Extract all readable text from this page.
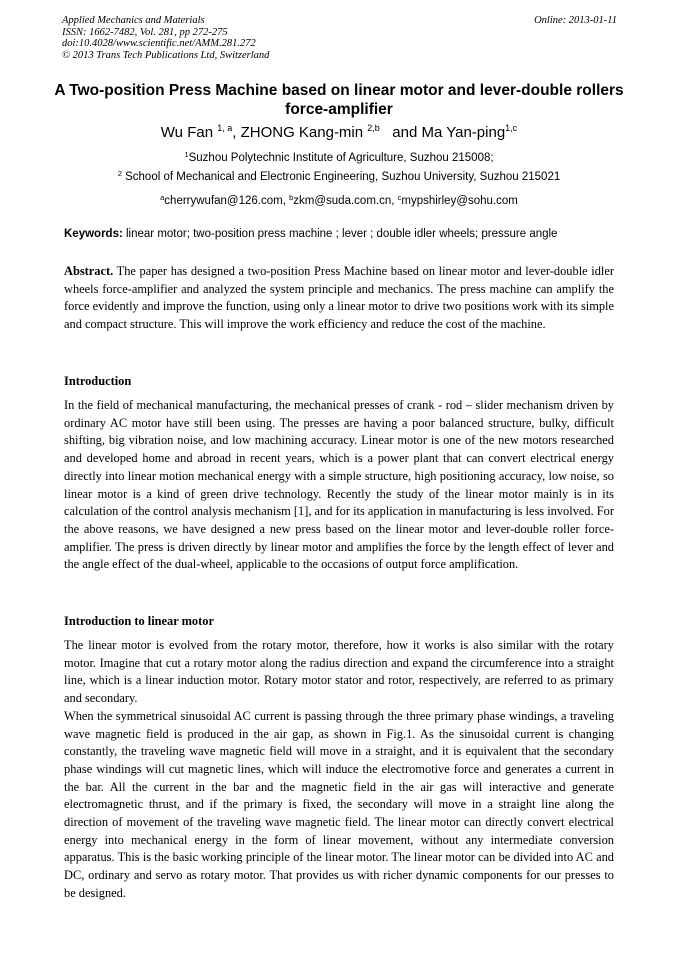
Applied Mechanics and Materials
ISSN: 1662-7482, Vol. 281, pp 272-275
doi:10.4028/www.scientific.net/AMM.281.272
© 2013 Trans Tech Publications Ltd, Switzerland
Online: 2013-01-11
A Two-position Press Machine based on linear motor and lever-double rollers force-amplifier
Wu Fan $^{1, a}$, ZHONG Kang-min $^{2,b}$   and Ma Yan-ping$^{1,c}$
$^1$Suzhou Polytechnic Institute of Agriculture, Suzhou 215008;
$^2$ School of Mechanical and Electronic Engineering, Suzhou University, Suzhou 215021
$^a$cherrywufan@126.com, $^b$zkm@suda.com.cn, $^c$mypshirley@sohu.com
Keywords: linear motor; two-position press machine ; lever ; double idler wheels; pressure angle

Abstract. The paper has designed a two-position Press Machine based on linear motor and lever-double idler wheels force-amplifier and analyzed the system principle and mechanics. The press machine can amplify the force evidently and improve the function, using only a linear motor to drive two positions work with its simple and compact structure. This will improve the work efficiency and reduce the cost of the machine.

Introduction

In the field of mechanical manufacturing, the mechanical presses of crank - rod – slider mechanism driven by ordinary AC motor have still been using. The presses are having a poor balanced structure, bulky, difficult shifting, big vibration noise, and low machining accuracy. Linear motor is one of the new motors researched and developed home and abroad in recent years, which is a power plant that can convert electrical energy directly into linear motion mechanical energy with a simple structure, high positioning accuracy, low noise, so linear motor is a kind of green drive technology. Recently the study of the linear motor mainly is in its calculation of the control analysis mechanism [1], and for its application in manufacturing is less involved. For the above reasons, we have designed a new press based on the linear motor and lever-double roller force-amplifier. The press is driven directly by linear motor and amplifies the force by the length effect of lever and the angle effect of the dual-wheel, applicable to the occasions of output force amplification.

Introduction to linear motor

The linear motor is evolved from the rotary motor, therefore, how it works is also similar with the rotary motor. Imagine that cut a rotary motor along the radius direction and expand the circumference into a straight line, which is a linear induction motor. Rotary motor stator and rotor, respectively, are referred to as primary and secondary.

When the symmetrical sinusoidal AC current is passing through the three primary phase windings, a traveling wave magnetic field is produced in the air gap, as shown in Fig.1. As the sinusoidal current is changing constantly, the traveling wave magnetic field will move in a straight, and it is equivalent that the secondary phase windings will cut magnetic lines, which will induce the electromotive force and generates a current in the bar. All the current in the bar and the magnetic field in the air gas will interactive and generate electromagnetic thrust, and if the primary is fixed, the secondary will move in a straight line along the direction of movement of the traveling wave magnetic field. The linear motor can directly convert electrical energy into mechanical energy in the form of linear movement, without any intermediate conversion apparatus. This is the basic working principle of the linear motor. The linear motor can be divided into AC and DC, ordinary and servo as rotary motor. That provides us with richer dynamic components for our presses to be designed.
